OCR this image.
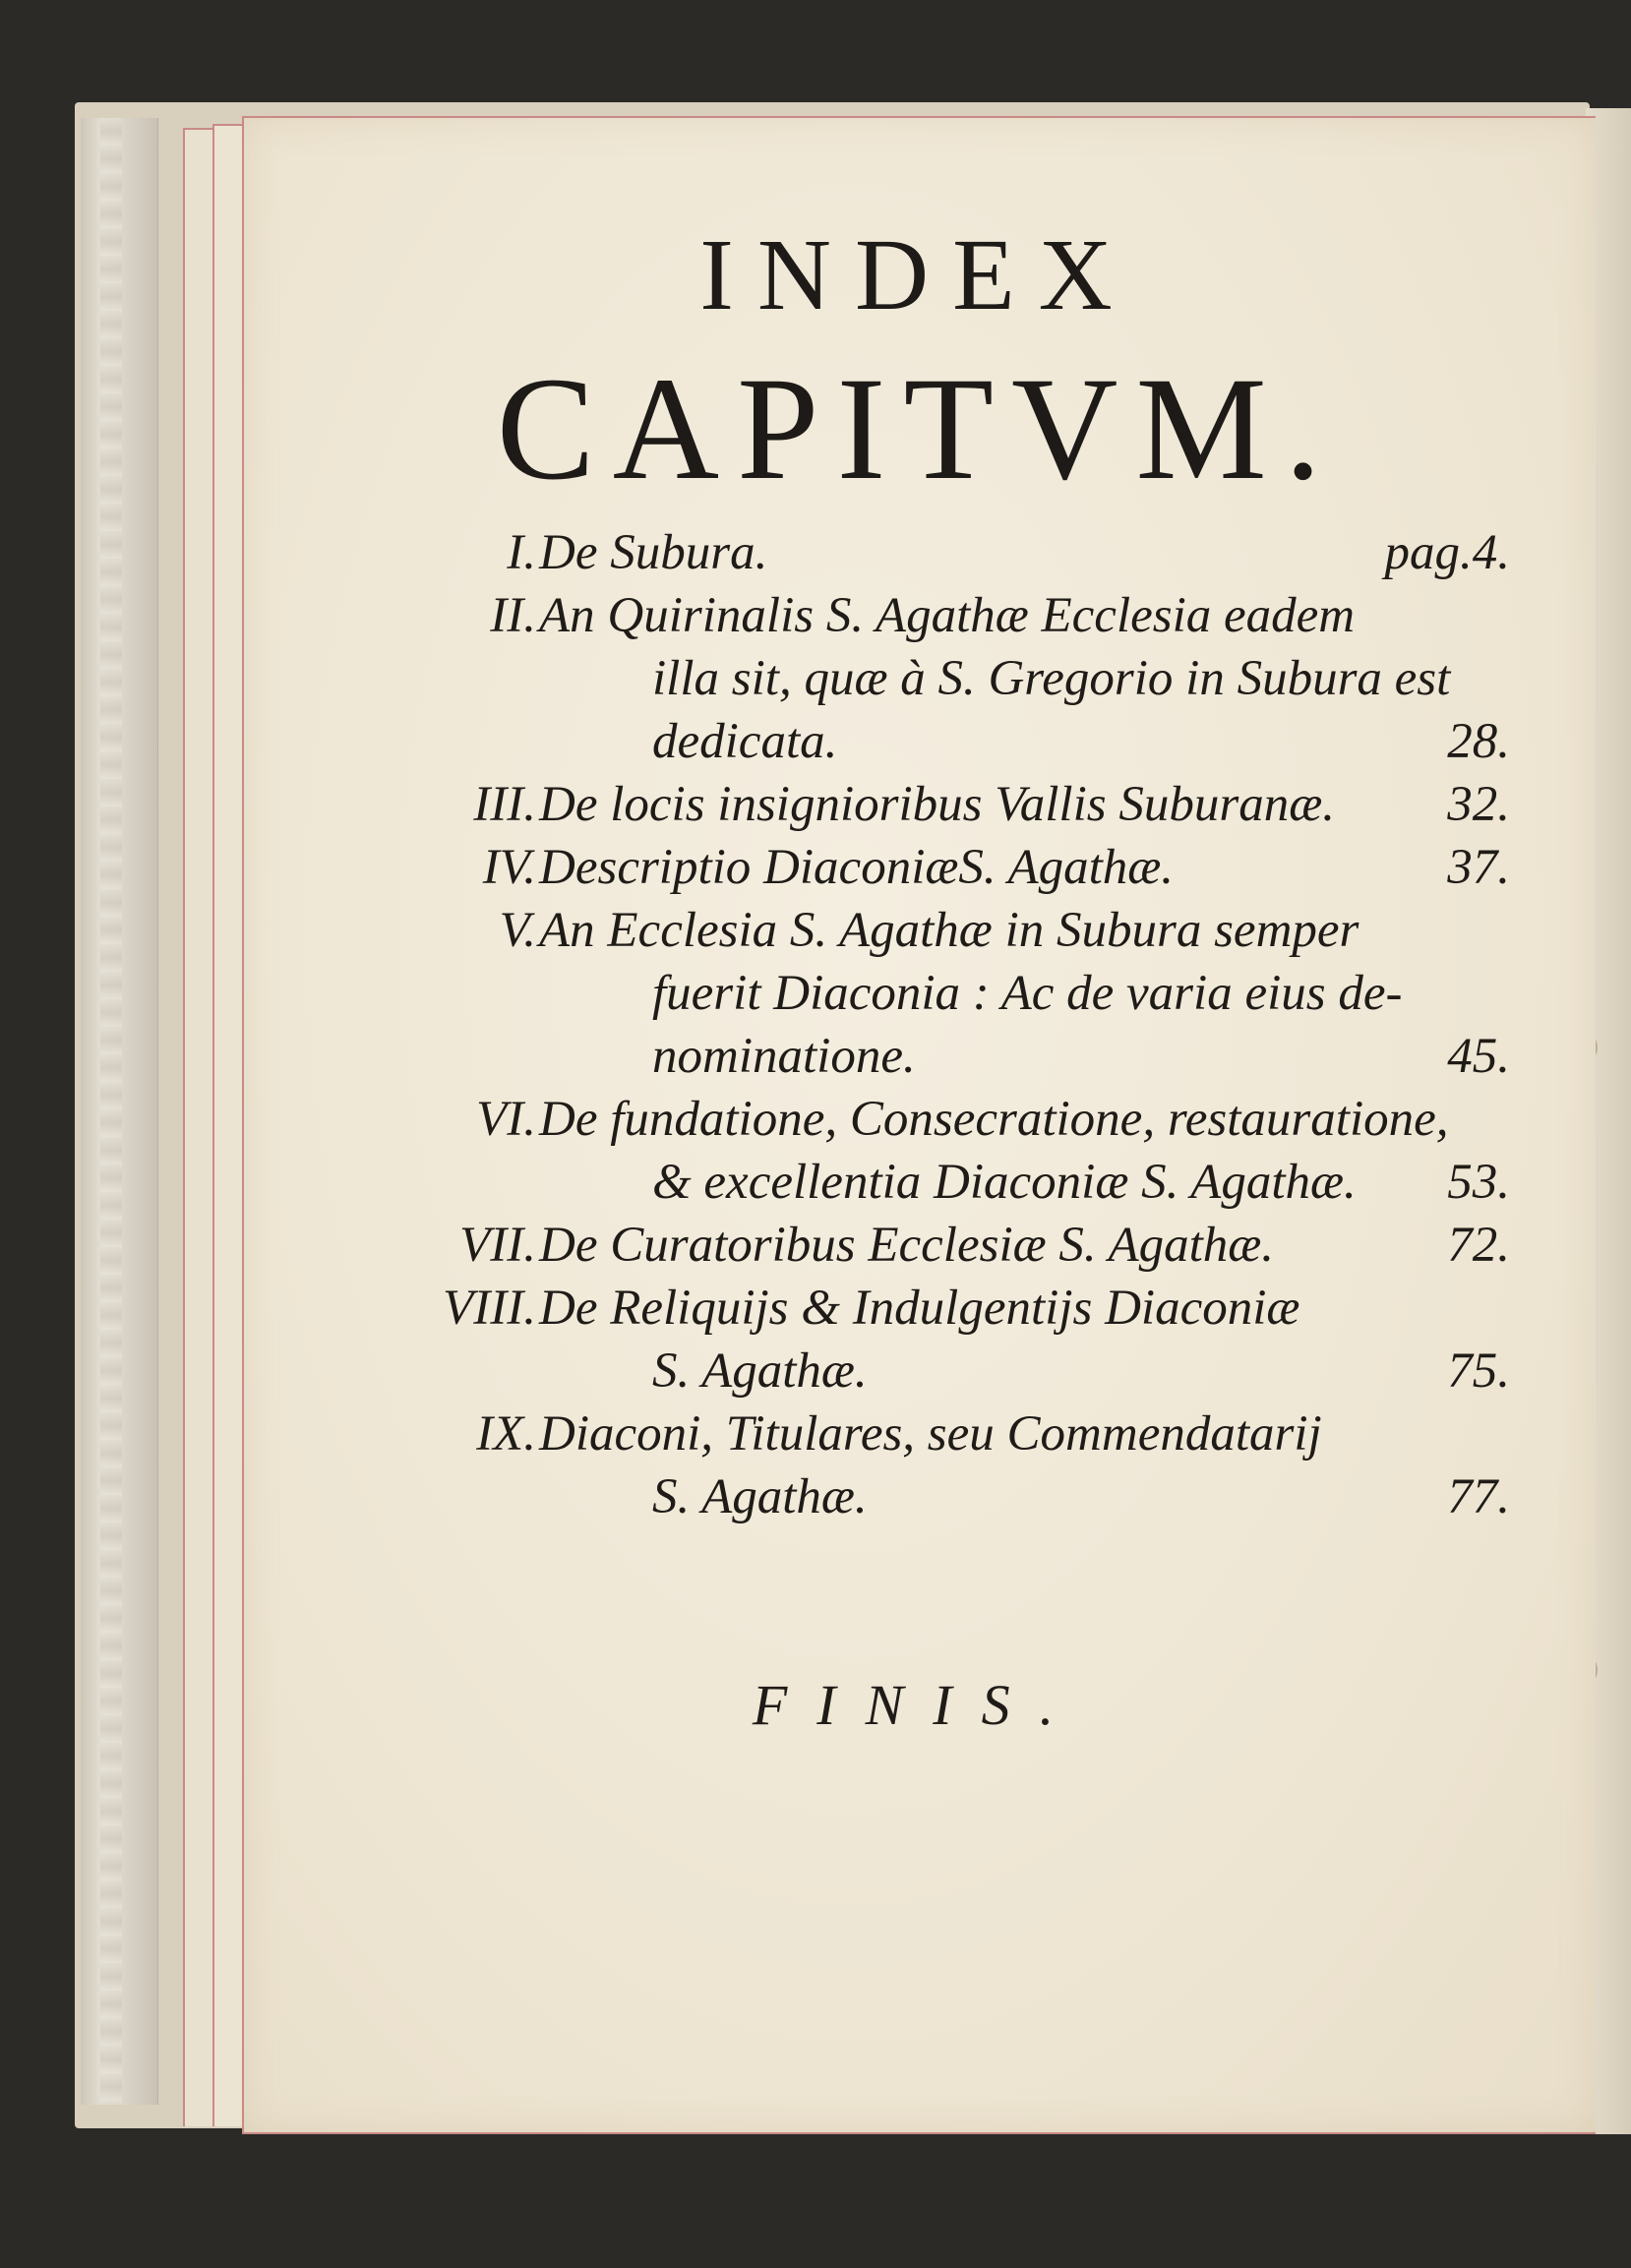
INDEX
CAPITVM.
I. De Subura.	pag.4.
II. An Quirinalis S. Agathæ Ecclesia eadem
illa sit, quæ à S. Gregorio in Subura est
dedicata.	28.
III. De locis insignioribus Vallis Suburanæ. 32.
IV. Descriptio DiaconiæS. Agathæ.	37.
V. An Ecclesia S. Agathæ in Subura semper
fuerit Diaconia : Ac de varia eius de-
nominatione.	45.
VI. De fundatione, Consecratione, restauratione,
& excellentia Diaconiæ S. Agathæ. 53.
VII. De Curatoribus Ecclesiæ S. Agathæ.	72.
VIII. De Reliquijs & Indulgentijs Diaconiæ
S. Agathæ.	75.
IX. Diaconi, Titulares, seu Commendatarij
S. Agathæ.	77.
FINIS.
